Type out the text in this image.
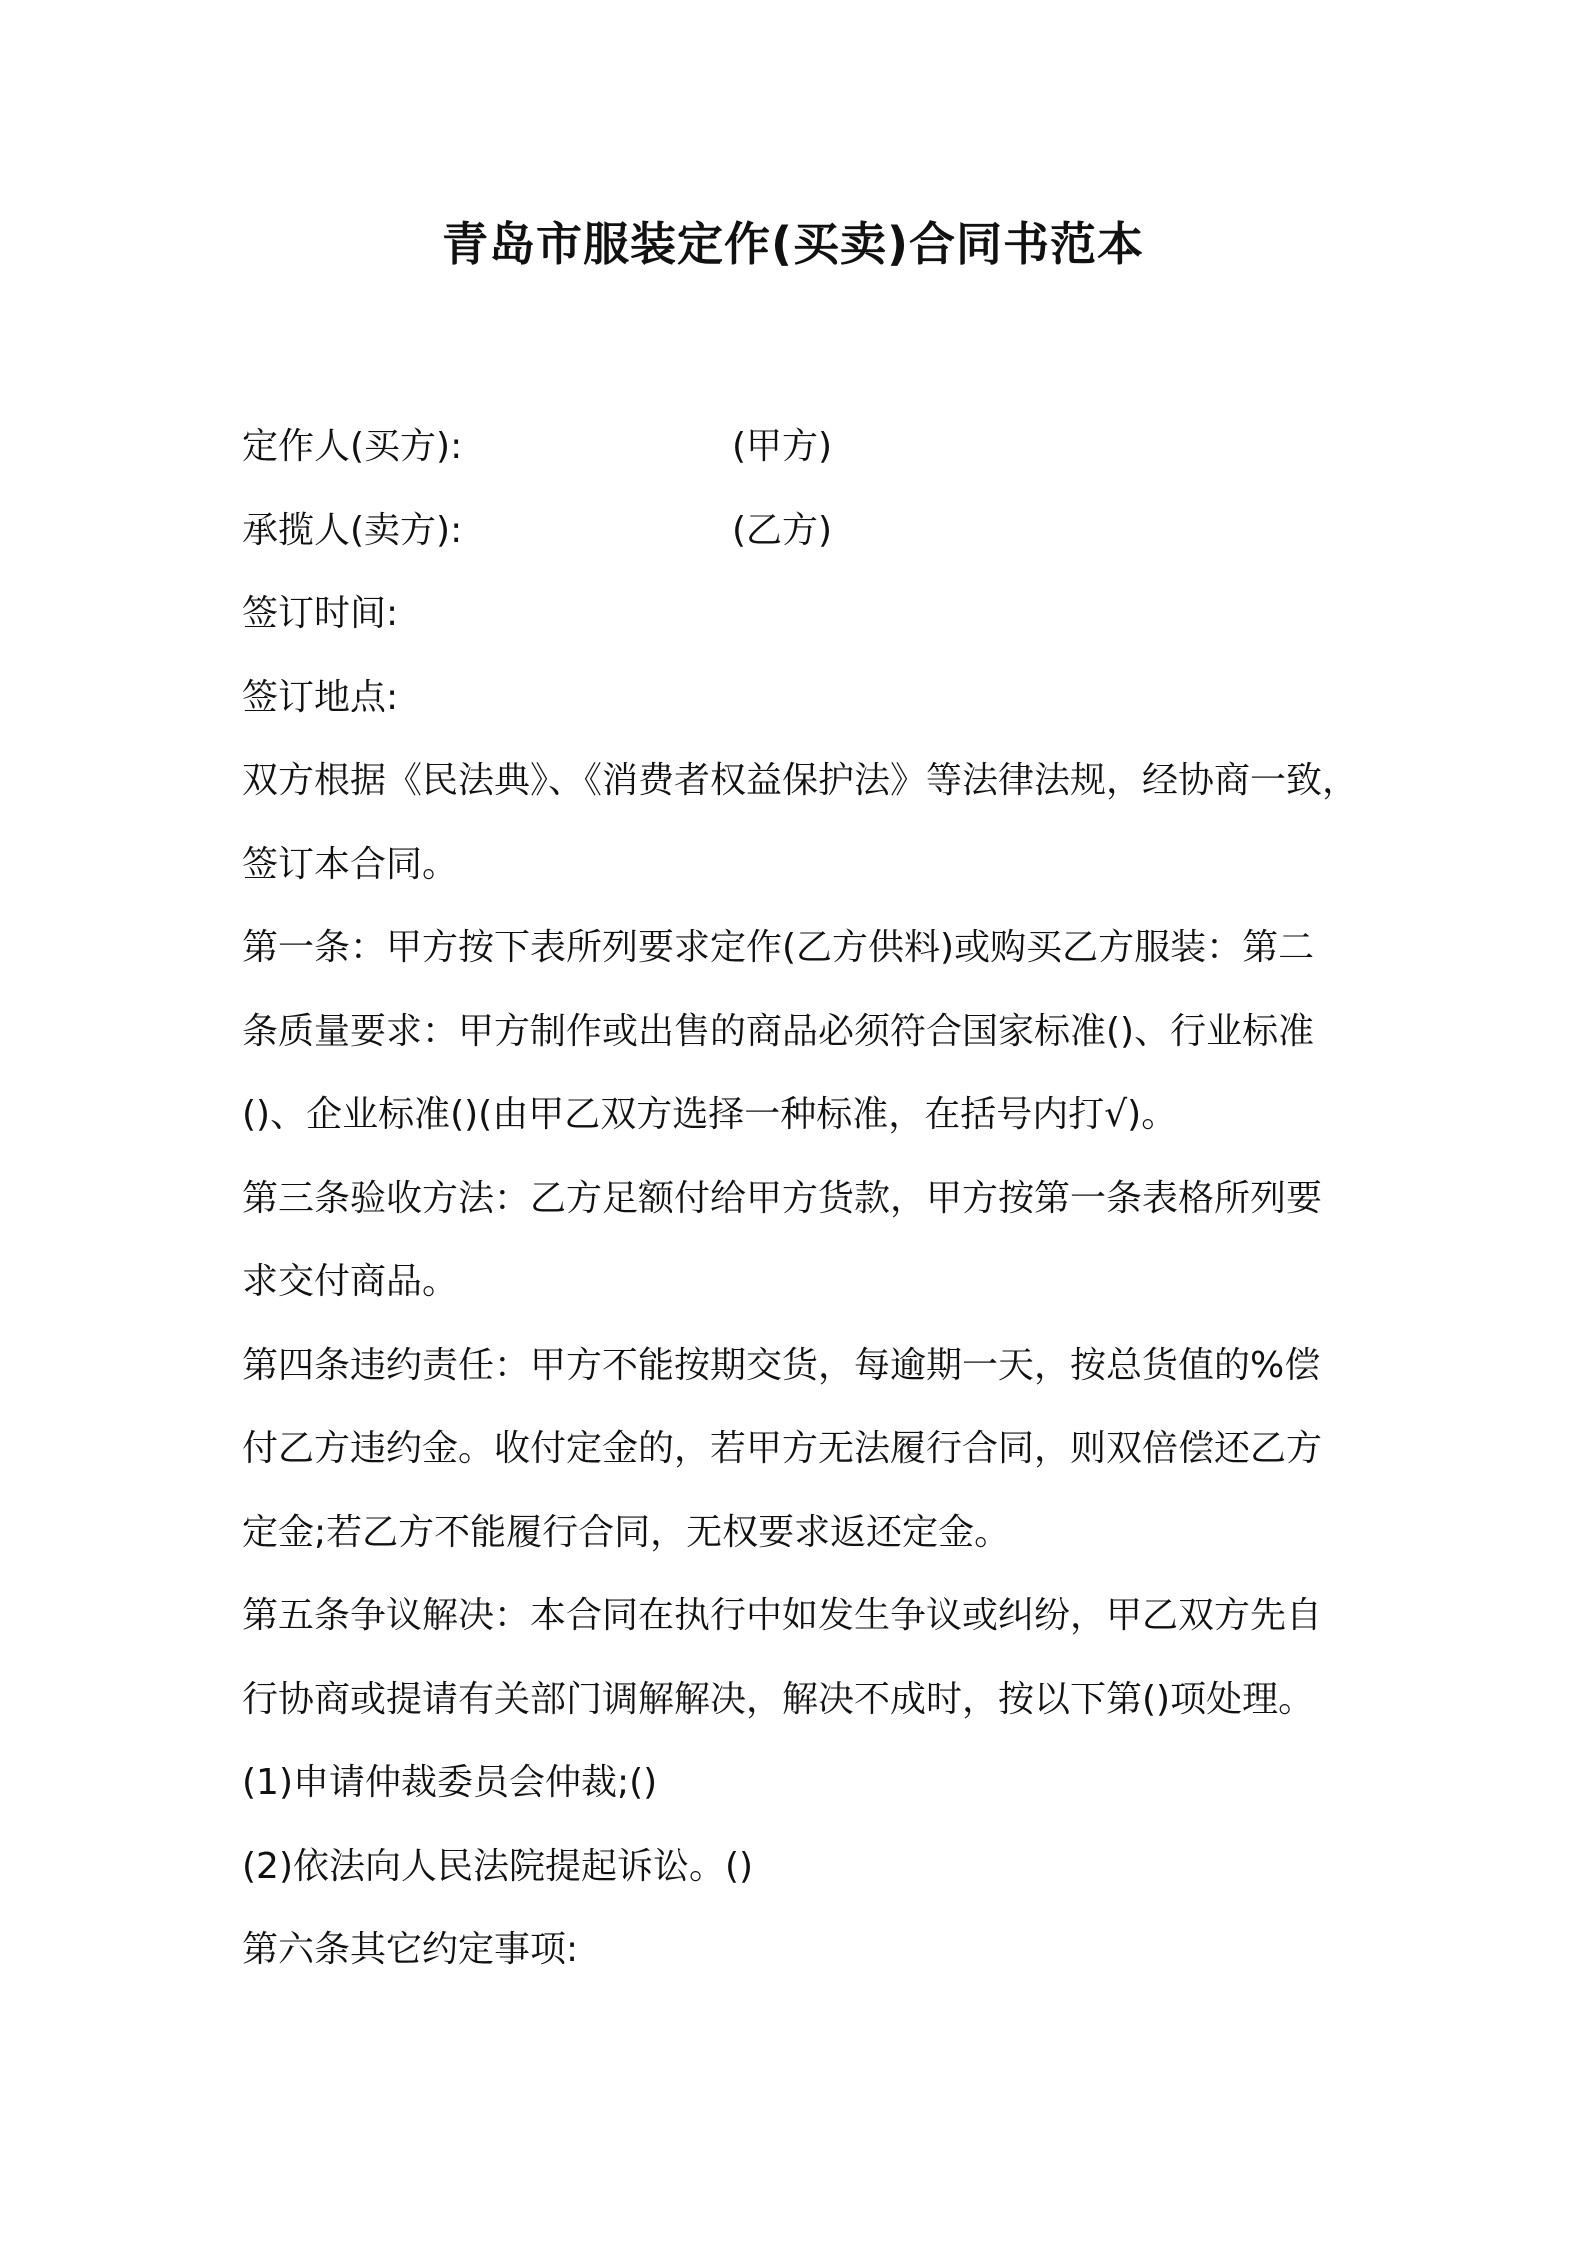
青岛市服装定作(买卖)合同书范本
定作人(买方):	(甲方)
承揽人(卖方):	(乙方)
签订时间:
签订地点:
双方根据《民法典》、《消费者权益保护法》等法律法规，经协商一致，
签订本合同。
第一条：甲方按下表所列要求定作(乙方供料)或购买乙方服装：第二
条质量要求：甲方制作或出售的商品必须符合国家标准()、行业标准
()、企业标准()(由甲乙双方选择一种标准，在括号内打√)。
第三条验收方法：乙方足额付给甲方货款，甲方按第一条表格所列要
求交付商品。
第四条违约责任：甲方不能按期交货，每逾期一天，按总货值的%偿
付乙方违约金。收付定金的，若甲方无法履行合同，则双倍偿还乙方
定金;若乙方不能履行合同，无权要求返还定金。
第五条争议解决：本合同在执行中如发生争议或纠纷，甲乙双方先自
行协商或提请有关部门调解解决，解决不成时，按以下第()项处理。
(1)申请仲裁委员会仲裁;()
(2)依法向人民法院提起诉讼。()
第六条其它约定事项:
